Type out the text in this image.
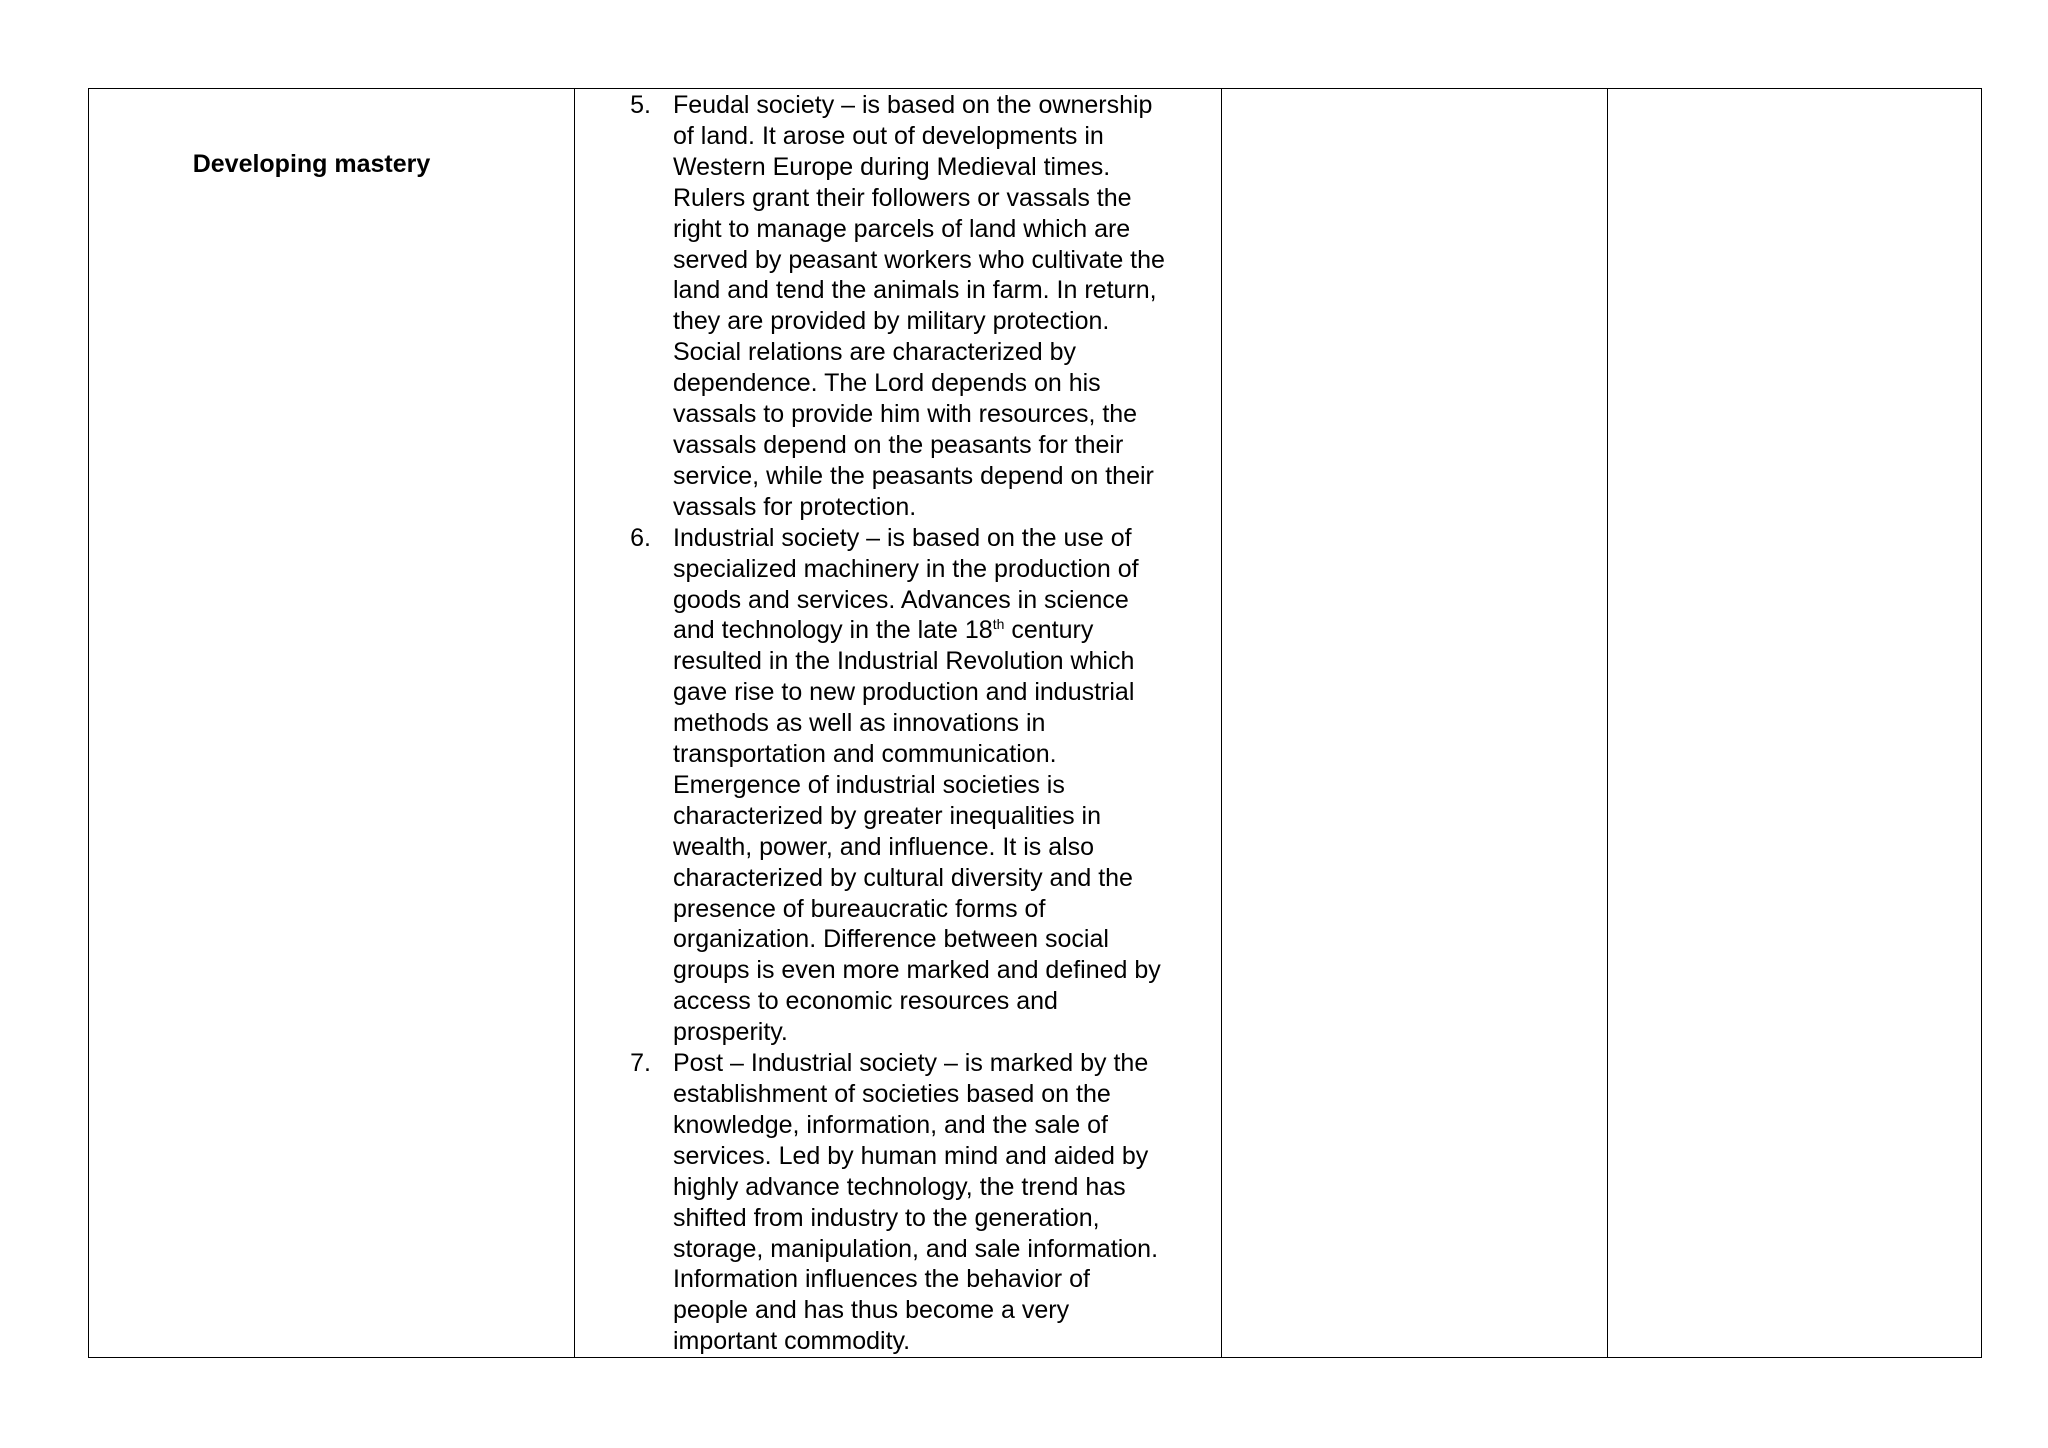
Developing mastery

5. Feudal society – is based on the ownership
of land. It arose out of developments in
Western Europe during Medieval times.
Rulers grant their followers or vassals the
right to manage parcels of land which are
served by peasant workers who cultivate the
land and tend the animals in farm. In return,
they are provided by military protection.
Social relations are characterized by
dependence. The Lord depends on his
vassals to provide him with resources, the
vassals depend on the peasants for their
service, while the peasants depend on their
vassals for protection.
6. Industrial society – is based on the use of
specialized machinery in the production of
goods and services. Advances in science
and technology in the late 18th century
resulted in the Industrial Revolution which
gave rise to new production and industrial
methods as well as innovations in
transportation and communication.
Emergence of industrial societies is
characterized by greater inequalities in
wealth, power, and influence. It is also
characterized by cultural diversity and the
presence of bureaucratic forms of
organization. Difference between social
groups is even more marked and defined by
access to economic resources and
prosperity.
7. Post – Industrial society – is marked by the
establishment of societies based on the
knowledge, information, and the sale of
services. Led by human mind and aided by
highly advance technology, the trend has
shifted from industry to the generation,
storage, manipulation, and sale information.
Information influences the behavior of
people and has thus become a very
important commodity.
